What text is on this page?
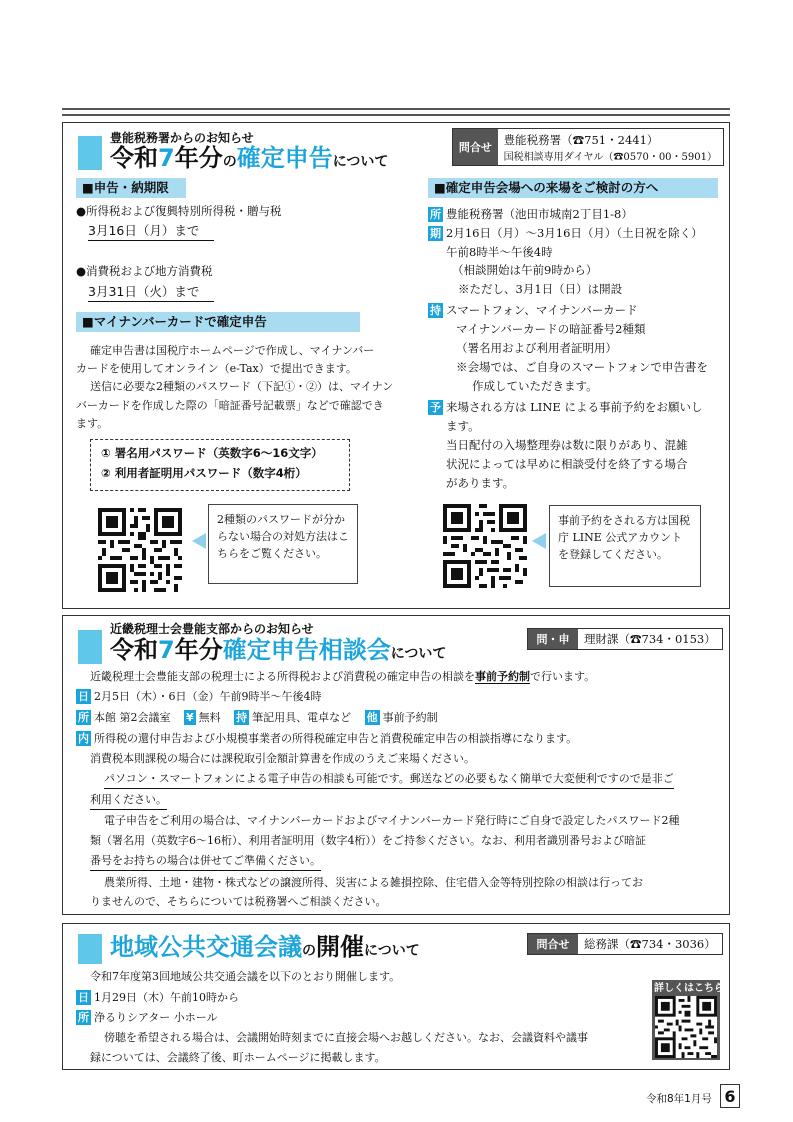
豊能税務署からのお知らせ
令和7年分の確定申告について
問合せ
豊能税務署（☎751・2441）
国税相談専用ダイヤル（☎0570・00・5901）
■申告・納期限
●所得税および復興特別所得税・贈与税
3月16日（月）まで
●消費税および地方消費税
3月31日（火）まで
■マイナンバーカードで確定申告
確定申告書は国税庁ホームページで作成し、マイナンバー
カードを使用してオンライン（e-Tax）で提出できます。
送信に必要な2種類のパスワード（下記①・②）は、マイナン
バーカードを作成した際の「暗証番号記載票」などで確認でき
ます。
① 署名用パスワード（英数字6〜16文字）
② 利用者証明用パスワード（数字4桁）
2種類のパスワードが分からない場合の対処方法はこちらをご覧ください。
■確定申告会場への来場をご検討の方へ
所 豊能税務署（池田市城南2丁目1-8）
期 2月16日（月）〜3月16日（月）（土日祝を除く）
午前8時半〜午後4時
（相談開始は午前9時から）
※ただし、3月1日（日）は開設
持 スマートフォン、マイナンバーカード
マイナンバーカードの暗証番号2種類
（署名用および利用者証明用）
※会場では、ご自身のスマートフォンで申告書を
作成していただきます。
予 来場される方は LINE による事前予約をお願いし
ます。
当日配付の入場整理券は数に限りがあり、混雑
状況によっては早めに相談受付を終了する場合
があります。
事前予約をされる方は国税庁 LINE 公式アカウントを登録してください。
近畿税理士会豊能支部からのお知らせ
令和7年分確定申告相談会について
問・申	理財課（☎734・0153）
近畿税理士会豊能支部の税理士による所得税および消費税の確定申告の相談を事前予約制で行います。
日 2月5日（木）・6日（金）午前9時半〜午後4時
所 本館 第2会議室 ¥ 無料 持 筆記用具、電卓など 他 事前予約制
内 所得税の還付申告および小規模事業者の所得税確定申告と消費税確定申告の相談指導になります。
消費税本則課税の場合には課税取引金額計算書を作成のうえご来場ください。
パソコン・スマートフォンによる電子申告の相談も可能です。郵送などの必要もなく簡単で大変便利ですので是非ご
利用ください。
電子申告をご利用の場合は、マイナンバーカードおよびマイナンバーカード発行時にご自身で設定したパスワード2種
類（署名用（英数字6〜16桁）、利用者証明用（数字4桁））をご持参ください。なお、利用者識別番号および暗証
番号をお持ちの場合は併せてご準備ください。
農業所得、土地・建物・株式などの譲渡所得、災害による雑損控除、住宅借入金等特別控除の相談は行ってお
りませんので、そちらについては税務署へご相談ください。
地域公共交通会議の開催について	問合せ	総務課（☎734・3036）
令和7年度第3回地域公共交通会議を以下のとおり開催します。
日 1月29日（木）午前10時から
所 浄るりシアター 小ホール
傍聴を希望される場合は、会議開始時刻までに直接会場へお越しください。なお、会議資料や議事
録については、会議終了後、町ホームページに掲載します。
詳しくはこちら
令和8年1月号 6
